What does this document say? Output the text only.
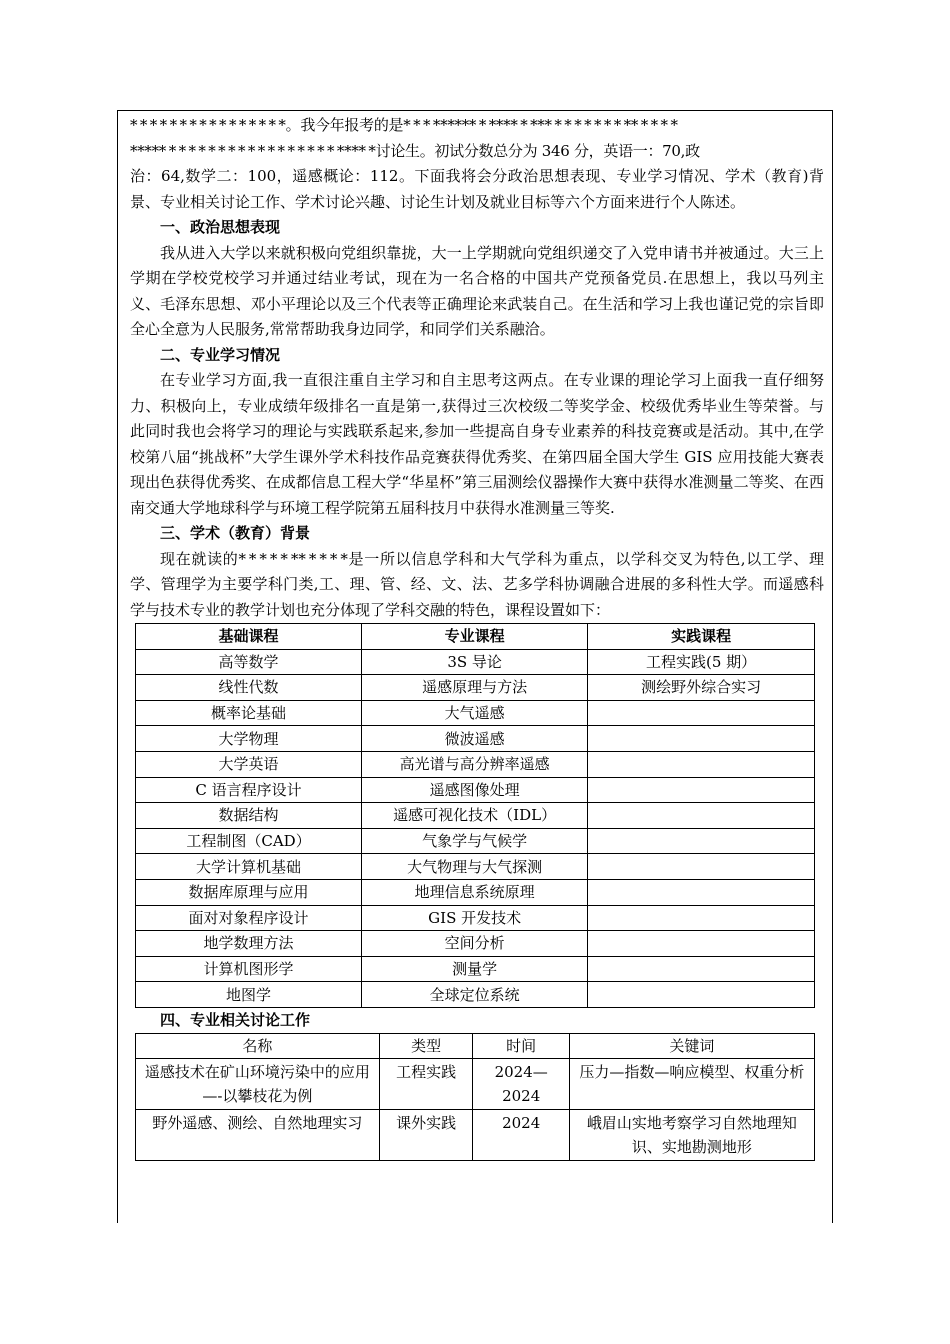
* * * * * * * * * * * * * * * *。我今年报考的是* * * ****** * **** * *** * * * * * * * ** * * * *

***** * * * * * * * * * * * * * * * * * **** *讨论生。初试分数总分为 346 分，英语一：70,政

治：64,数学二：100，遥感概论：112。下面我将会分政治思想表现、专业学习情况、学术（教育)背景、专业相关讨论工作、学术讨论兴趣、讨论生计划及就业目标等六个方面来进行个人陈述。

一、政治思想表现

我从进入大学以来就积极向党组织靠拢，大一上学期就向党组织递交了入党申请书并被通过。大三上学期在学校党校学习并通过结业考试，现在为一名合格的中国共产党预备党员.在思想上，我以马列主义、毛泽东思想、邓小平理论以及三个代表等正确理论来武装自己。在生活和学习上我也谨记党的宗旨即全心全意为人民服务,常常帮助我身边同学，和同学们关系融洽。

二、专业学习情况

在专业学习方面,我一直很注重自主学习和自主思考这两点。在专业课的理论学习上面我一直仔细努力、积极向上，专业成绩年级排名一直是第一,获得过三次校级二等奖学金、校级优秀毕业生等荣誉。与此同时我也会将学习的理论与实践联系起来,参加一些提高自身专业素养的科技竞赛或是活动。其中,在学校第八届“挑战杯”大学生课外学术科技作品竞赛获得优秀奖、在第四届全国大学生 GIS 应用技能大赛表现出色获得优秀奖、在成都信息工程大学“华星杯”第三届测绘仪器操作大赛中获得水准测量二等奖、在西南交通大学地球科学与环境工程学院第五届科技月中获得水准测量三等奖.

三、学术（教育）背景

现在就读的* * * * * ** * * * *是一所以信息学科和大气学科为重点，以学科交叉为特色,以工学、理学、管理学为主要学科门类,工、理、管、经、文、法、艺多学科协调融合进展的多科性大学。而遥感科学与技术专业的教学计划也充分体现了学科交融的特色，课程设置如下：

基础课程	专业课程	实践课程
高等数学	3S 导论	工程实践(5 期）
线性代数	遥感原理与方法	测绘野外综合实习
概率论基础	大气遥感	
大学物理	微波遥感	
大学英语	高光谱与高分辨率遥感	
C 语言程序设计	遥感图像处理	
数据结构	遥感可视化技术（IDL）	
工程制图（CAD）	气象学与气候学	
大学计算机基础	大气物理与大气探测	
数据库原理与应用	地理信息系统原理	
面对对象程序设计	GIS 开发技术	
地学数理方法	空间分析	
计算机图形学	测量学	
地图学	全球定位系统	
四、专业相关讨论工作
名称	类型	时间	关键词
遥感技术在矿山环境污染中的应用—-以攀枝花为例	工程实践	2024— 2024	压力—指数—响应模型、权重分析
野外遥感、测绘、自然地理实习	课外实践	2024	峨眉山实地考察学习自然地理知识、实地勘测地形
